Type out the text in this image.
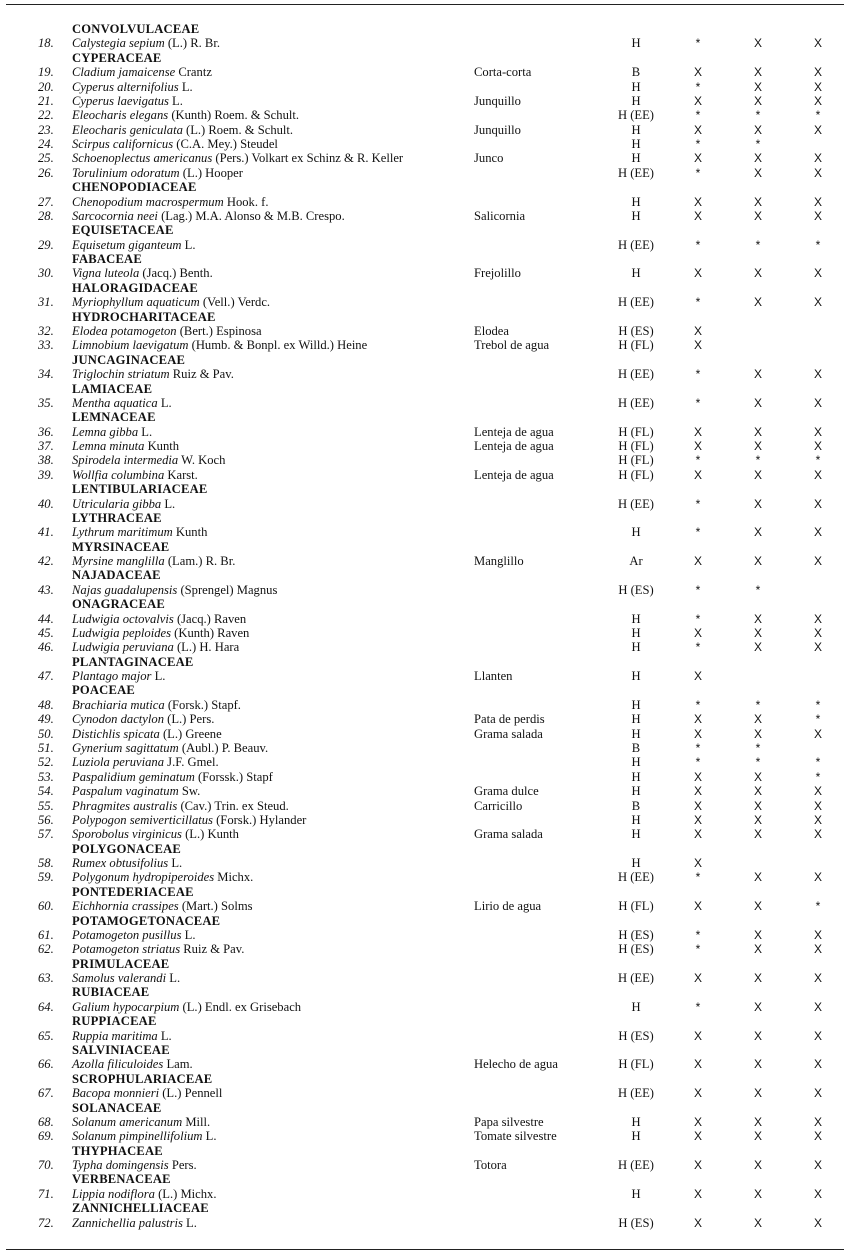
CONVOLVULACEAE
18. Calystegia sepium (L.) R. Br.	H	*	X	X
CYPERACEAE
19. Cladium jamaicense Crantz	Corta-corta	B	X	X	X
20. Cyperus alternifolius L.	H	*	X	X
21. Cyperus laevigatus L.	Junquillo	H	X	X	X
22. Eleocharis elegans (Kunth) Roem. & Schult.	H (EE)	*	*	*
23. Eleocharis geniculata (L.) Roem. & Schult.	Junquillo	H	X	X	X
24. Scirpus californicus (C.A. Mey.) Steudel	H	*	*
25. Schoenoplectus americanus (Pers.) Volkart ex Schinz & R. Keller	Junco	H	X	X	X
26. Torulinium odoratum (L.) Hooper	H (EE)	*	X	X
CHENOPODIACEAE
27. Chenopodium macrospermum Hook. f.	H	X	X	X
28. Sarcocornia neei (Lag.) M.A. Alonso & M.B. Crespo.	Salicornia	H	X	X	X
EQUISETACEAE
29. Equisetum giganteum L.	H (EE)	*	*	*
FABACEAE
30. Vigna luteola (Jacq.) Benth.	Frejolillo	H	X	X	X
HALORAGIDACEAE
31. Myriophyllum aquaticum (Vell.) Verdc.	H (EE)	*	X	X
HYDROCHARITACEAE
32. Elodea potamogeton (Bert.) Espinosa	Elodea	H (ES)	X
33. Limnobium laevigatum (Humb. & Bonpl. ex Willd.) Heine	Trebol de agua	H (FL)	X
JUNCAGINACEAE
34. Triglochin striatum Ruiz & Pav.	H (EE)	*	X	X
LAMIACEAE
35. Mentha aquatica L.	H (EE)	*	X	X
LEMNACEAE
36. Lemna gibba L.	Lenteja de agua	H (FL)	X	X	X
37. Lemna minuta Kunth	Lenteja de agua	H (FL)	X	X	X
38. Spirodela intermedia W. Koch	H (FL)	*	*	*
39. Wollfia columbina Karst.	Lenteja de agua	H (FL)	X	X	X
LENTIBULARIACEAE
40. Utricularia gibba L.	H (EE)	*	X	X
LYTHRACEAE
41. Lythrum maritimum Kunth	H	*	X	X
MYRSINACEAE
42. Myrsine manglilla (Lam.) R. Br.	Manglillo	Ar	X	X	X
NAJADACEAE
43. Najas guadalupensis (Sprengel) Magnus	H (ES)	*	*
ONAGRACEAE
44. Ludwigia octovalvis (Jacq.) Raven	H	*	X	X
45. Ludwigia peploides (Kunth) Raven	H	X	X	X
46. Ludwigia peruviana (L.) H. Hara	H	*	X	X
PLANTAGINACEAE
47. Plantago major L.	Llanten	H	X
POACEAE
48. Brachiaria mutica (Forsk.) Stapf.	H	*	*	*
49. Cynodon dactylon (L.) Pers.	Pata de perdis	H	X	X	*
50. Distichlis spicata (L.) Greene	Grama salada	H	X	X	X
51. Gynerium sagittatum (Aubl.) P. Beauv.	B	*	*
52. Luziola peruviana J.F. Gmel.	H	*	*	*
53. Paspalidium geminatum (Forssk.) Stapf	H	X	X	*
54. Paspalum vaginatum Sw.	Grama dulce	H	X	X	X
55. Phragmites australis (Cav.) Trin. ex Steud.	Carricillo	B	X	X	X
56. Polypogon semiverticillatus (Forsk.) Hylander	H	X	X	X
57. Sporobolus virginicus (L.) Kunth	Grama salada	H	X	X	X
POLYGONACEAE
58. Rumex obtusifolius L.	H	X
59. Polygonum hydropiperoides Michx.	H (EE)	*	X	X
PONTEDERIACEAE
60. Eichhornia crassipes (Mart.) Solms	Lirio de agua	H (FL)	X	X	*
POTAMOGETONACEAE
61. Potamogeton pusillus L.	H (ES)	*	X	X
62. Potamogeton striatus Ruiz & Pav.	H (ES)	*	X	X
PRIMULACEAE
63. Samolus valerandi L.	H (EE)	X	X	X
RUBIACEAE
64. Galium hypocarpium (L.) Endl. ex Grisebach	H	*	X	X
RUPPIACEAE
65. Ruppia maritima L.	H (ES)	X	X	X
SALVINIACEAE
66. Azolla filiculoides Lam.	Helecho de agua	H (FL)	X	X	X
SCROPHULARIACEAE
67. Bacopa monnieri (L.) Pennell	H (EE)	X	X	X
SOLANACEAE
68. Solanum americanum Mill.	Papa silvestre	H	X	X	X
69. Solanum pimpinellifolium L.	Tomate silvestre	H	X	X	X
THYPHACEAE
70. Typha domingensis Pers.	Totora	H (EE)	X	X	X
VERBENACEAE
71. Lippia nodiflora (L.) Michx.	H	X	X	X
ZANNICHELLIACEAE
72. Zannichellia palustris L.	H (ES)	X	X	X
